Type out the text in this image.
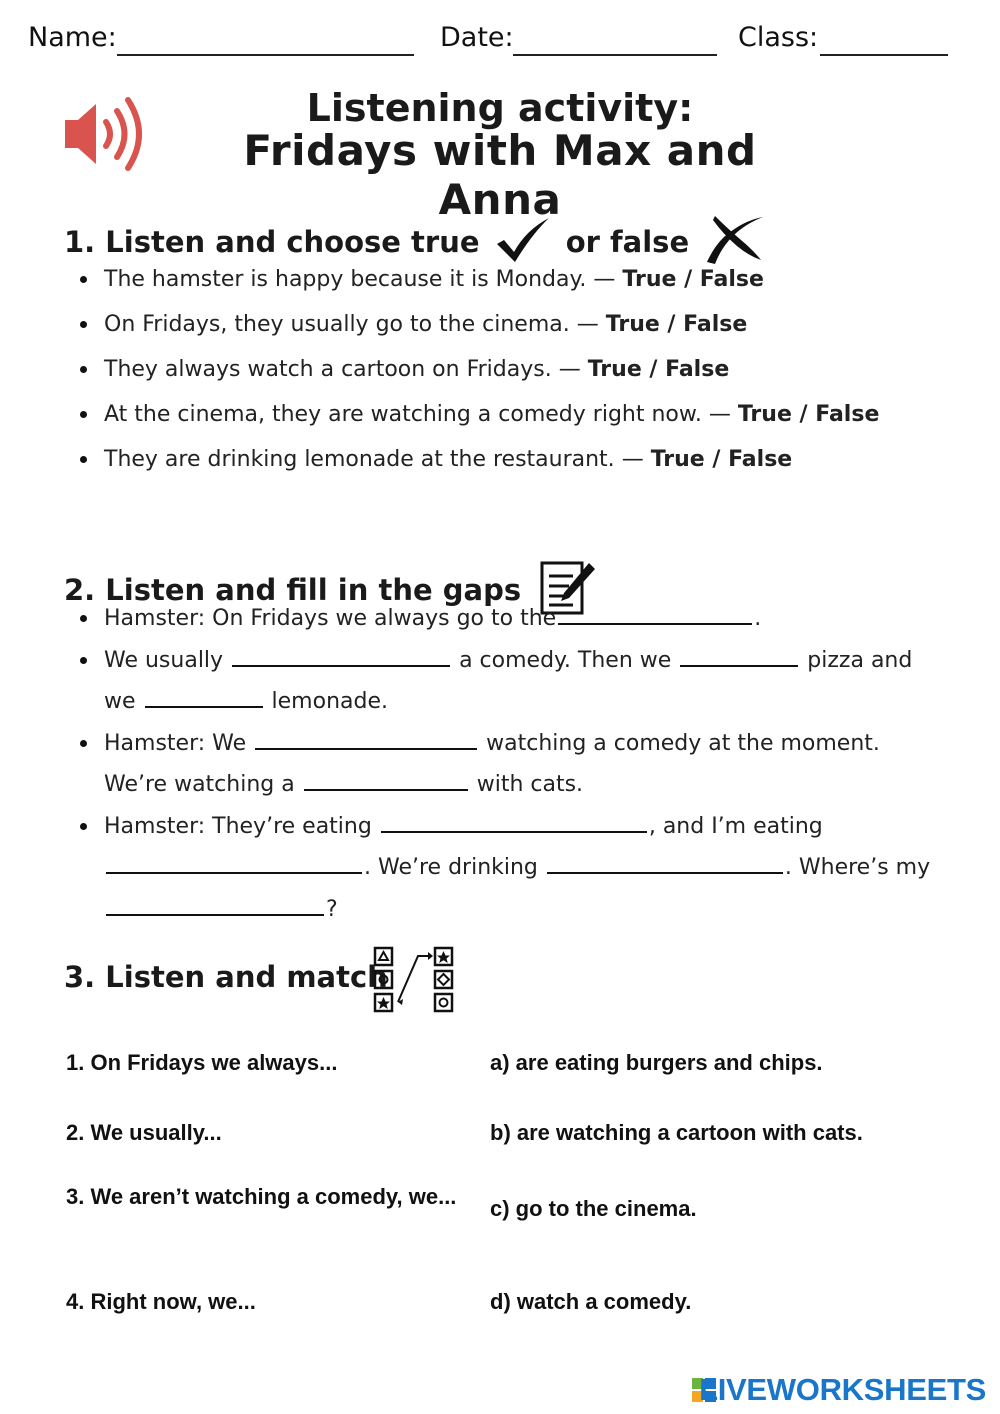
Name:	Date:	Class:
Listening activity:
Fridays with Max and Anna
1. Listen and choose true	or false
The hamster is happy because it is Monday. — True / False
On Fridays, they usually go to the cinema. — True / False
They always watch a cartoon on Fridays. — True / False
At the cinema, they are watching a comedy right now. — True / False
They are drinking lemonade at the restaurant. — True / False
2. Listen and fill in the gaps
Hamster: On Fridays we always go to the	.
We usually	a comedy. Then we	pizza and we	lemonade.
Hamster: We	watching a comedy at the moment. We’re watching a	with cats.
Hamster: They’re eating	, and I’m eating . We’re drinking	. Where’s my ?
3. Listen and match
1. On Fridays we always...	a) are eating burgers and chips.
2. We usually...	b) are watching a cartoon with cats.
3. We aren’t watching a comedy, we...	c) go to the cinema.
4. Right now, we...	d) watch a comedy.
LIVEWORKSHEETS
